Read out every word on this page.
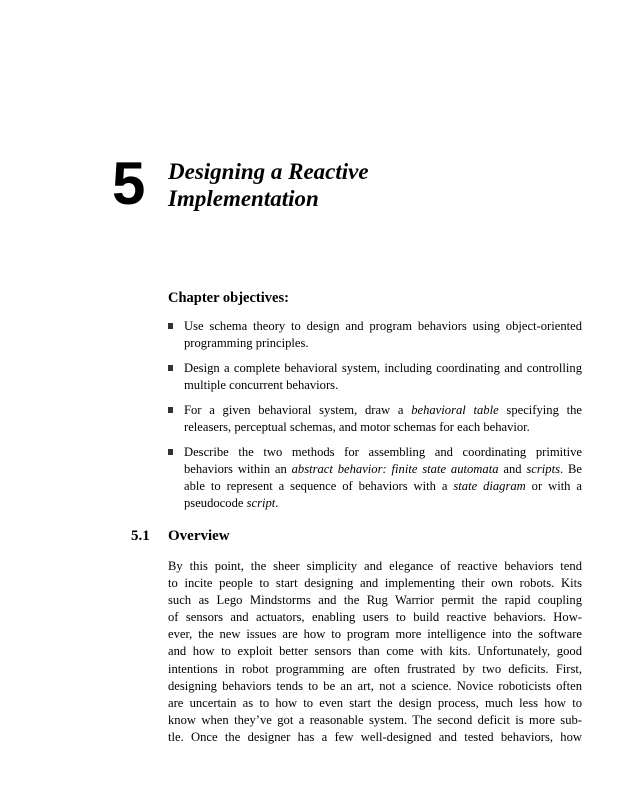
5 Designing a Reactive
Implementation
Chapter objectives:
Use schema theory to design and program behaviors using object-oriented programming principles.
Design a complete behavioral system, including coordinating and controlling multiple concurrent behaviors.
For a given behavioral system, draw a behavioral table specifying the releasers, perceptual schemas, and motor schemas for each behavior.
Describe the two methods for assembling and coordinating primitive behaviors within an abstract behavior: finite state automata and scripts. Be able to represent a sequence of behaviors with a state diagram or with a pseudocode script.
5.1 Overview

By this point, the sheer simplicity and elegance of reactive behaviors tend
to incite people to start designing and implementing their own robots. Kits
such as Lego Mindstorms and the Rug Warrior permit the rapid coupling
of sensors and actuators, enabling users to build reactive behaviors. How-
ever, the new issues are how to program more intelligence into the software
and how to exploit better sensors than come with kits. Unfortunately, good
intentions in robot programming are often frustrated by two deficits. First,
designing behaviors tends to be an art, not a science. Novice roboticists often
are uncertain as to how to even start the design process, much less how to
know when they’ve got a reasonable system. The second deficit is more sub-
tle. Once the designer has a few well-designed and tested behaviors, how
